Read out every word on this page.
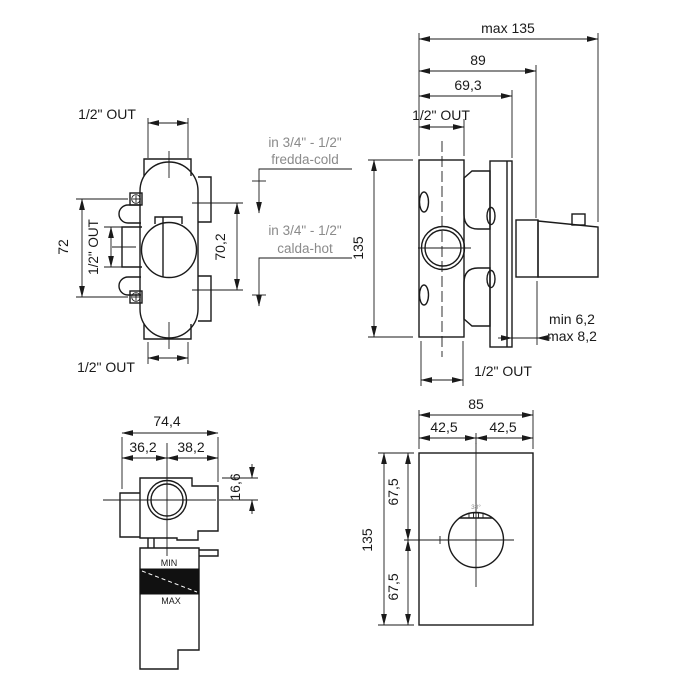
1/2" OUT
72 1/2" OUT	70,2
in 3/4" - 1/2"
fredda-cold
in 3/4" - 1/2"
calda-hot
1/2" OUT
max 135
89
69,3
1/2" OUT
min 6,2
max 8,2
1/2" OUT
135
74,4
36,2 38,2
16,6
MIN
MAX
85
42,5 42,5
38°
135
67,5
67,5
